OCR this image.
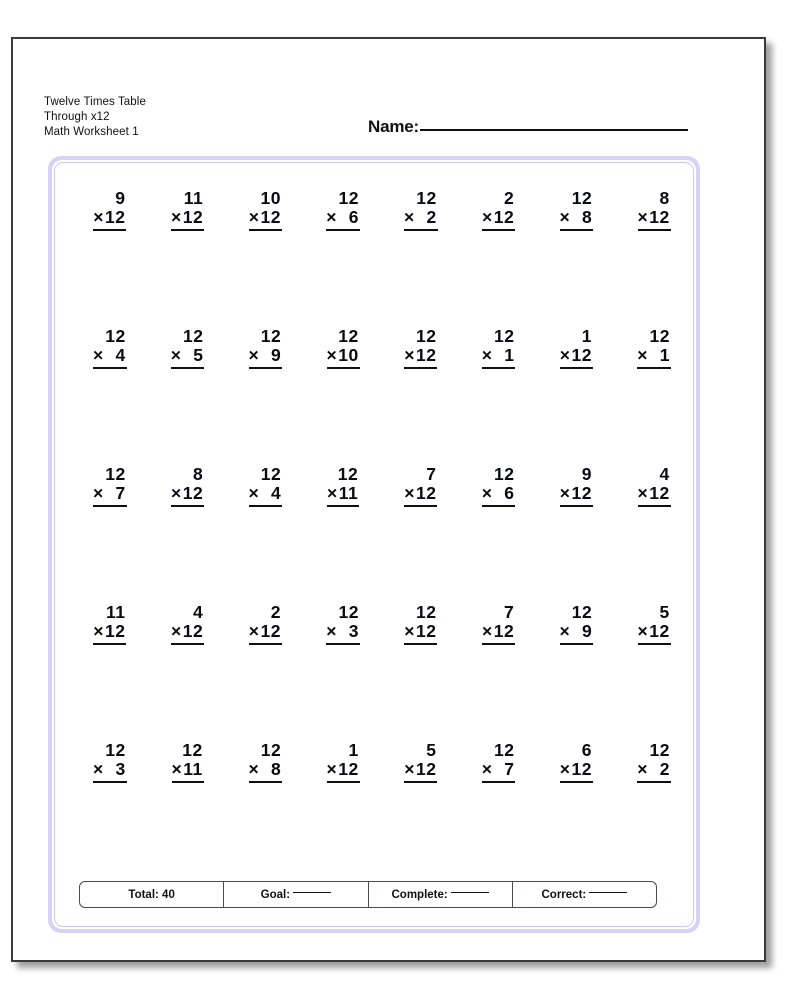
Twelve Times Table
Through x12
Math Worksheet 1	Name:
9
×12
11
×12
10
×12
12
×  6
12
×  2
2
×12
12
×  8
8
×12
12
×  4
12
×  5
12
×  9
12
×10
12
×12
12
×  1
1
×12
12
×  1
12
×  7
8
×12
12
×  4
12
×11
7
×12
12
×  6
9
×12
4
×12
11
×12
4
×12
2
×12
12
×  3
12
×12
7
×12
12
×  9
5
×12
12
×  3
12
×11
12
×  8
1
×12
5
×12
12
×  7
6
×12
12
×  2
Total: 40	Goal:	Complete:	Correct:
